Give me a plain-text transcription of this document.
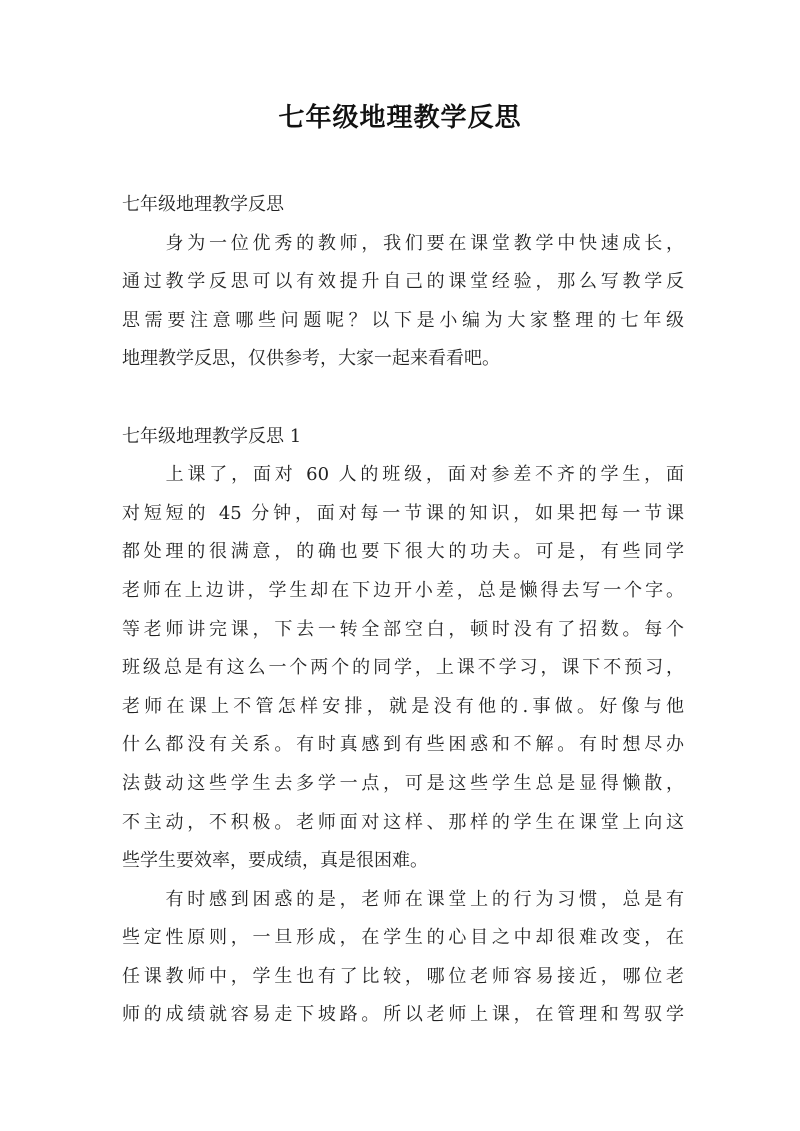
七年级地理教学反思

七年级地理教学反思

　　身为一位优秀的教师，我们要在课堂教学中快速成长，
通过教学反思可以有效提升自己的课堂经验，那么写教学反
思需要注意哪些问题呢？以下是小编为大家整理的七年级
地理教学反思，仅供参考，大家一起来看看吧。

七年级地理教学反思 1

　　上课了，面对 60 人的班级，面对参差不齐的学生，面
对短短的 45 分钟，面对每一节课的知识，如果把每一节课
都处理的很满意，的确也要下很大的功夫。可是，有些同学
老师在上边讲，学生却在下边开小差，总是懒得去写一个字。
等老师讲完课，下去一转全部空白，顿时没有了招数。每个
班级总是有这么一个两个的同学，上课不学习，课下不预习，
老师在课上不管怎样安排，就是没有他的.事做。好像与他
什么都没有关系。有时真感到有些困惑和不解。有时想尽办
法鼓动这些学生去多学一点，可是这些学生总是显得懒散，
不主动，不积极。老师面对这样、那样的学生在课堂上向这
些学生要效率，要成绩，真是很困难。

　　有时感到困惑的是，老师在课堂上的行为习惯，总是有
些定性原则，一旦形成，在学生的心目之中却很难改变，在
任课教师中，学生也有了比较，哪位老师容易接近，哪位老
师的成绩就容易走下坡路。所以老师上课，在管理和驾驭学
